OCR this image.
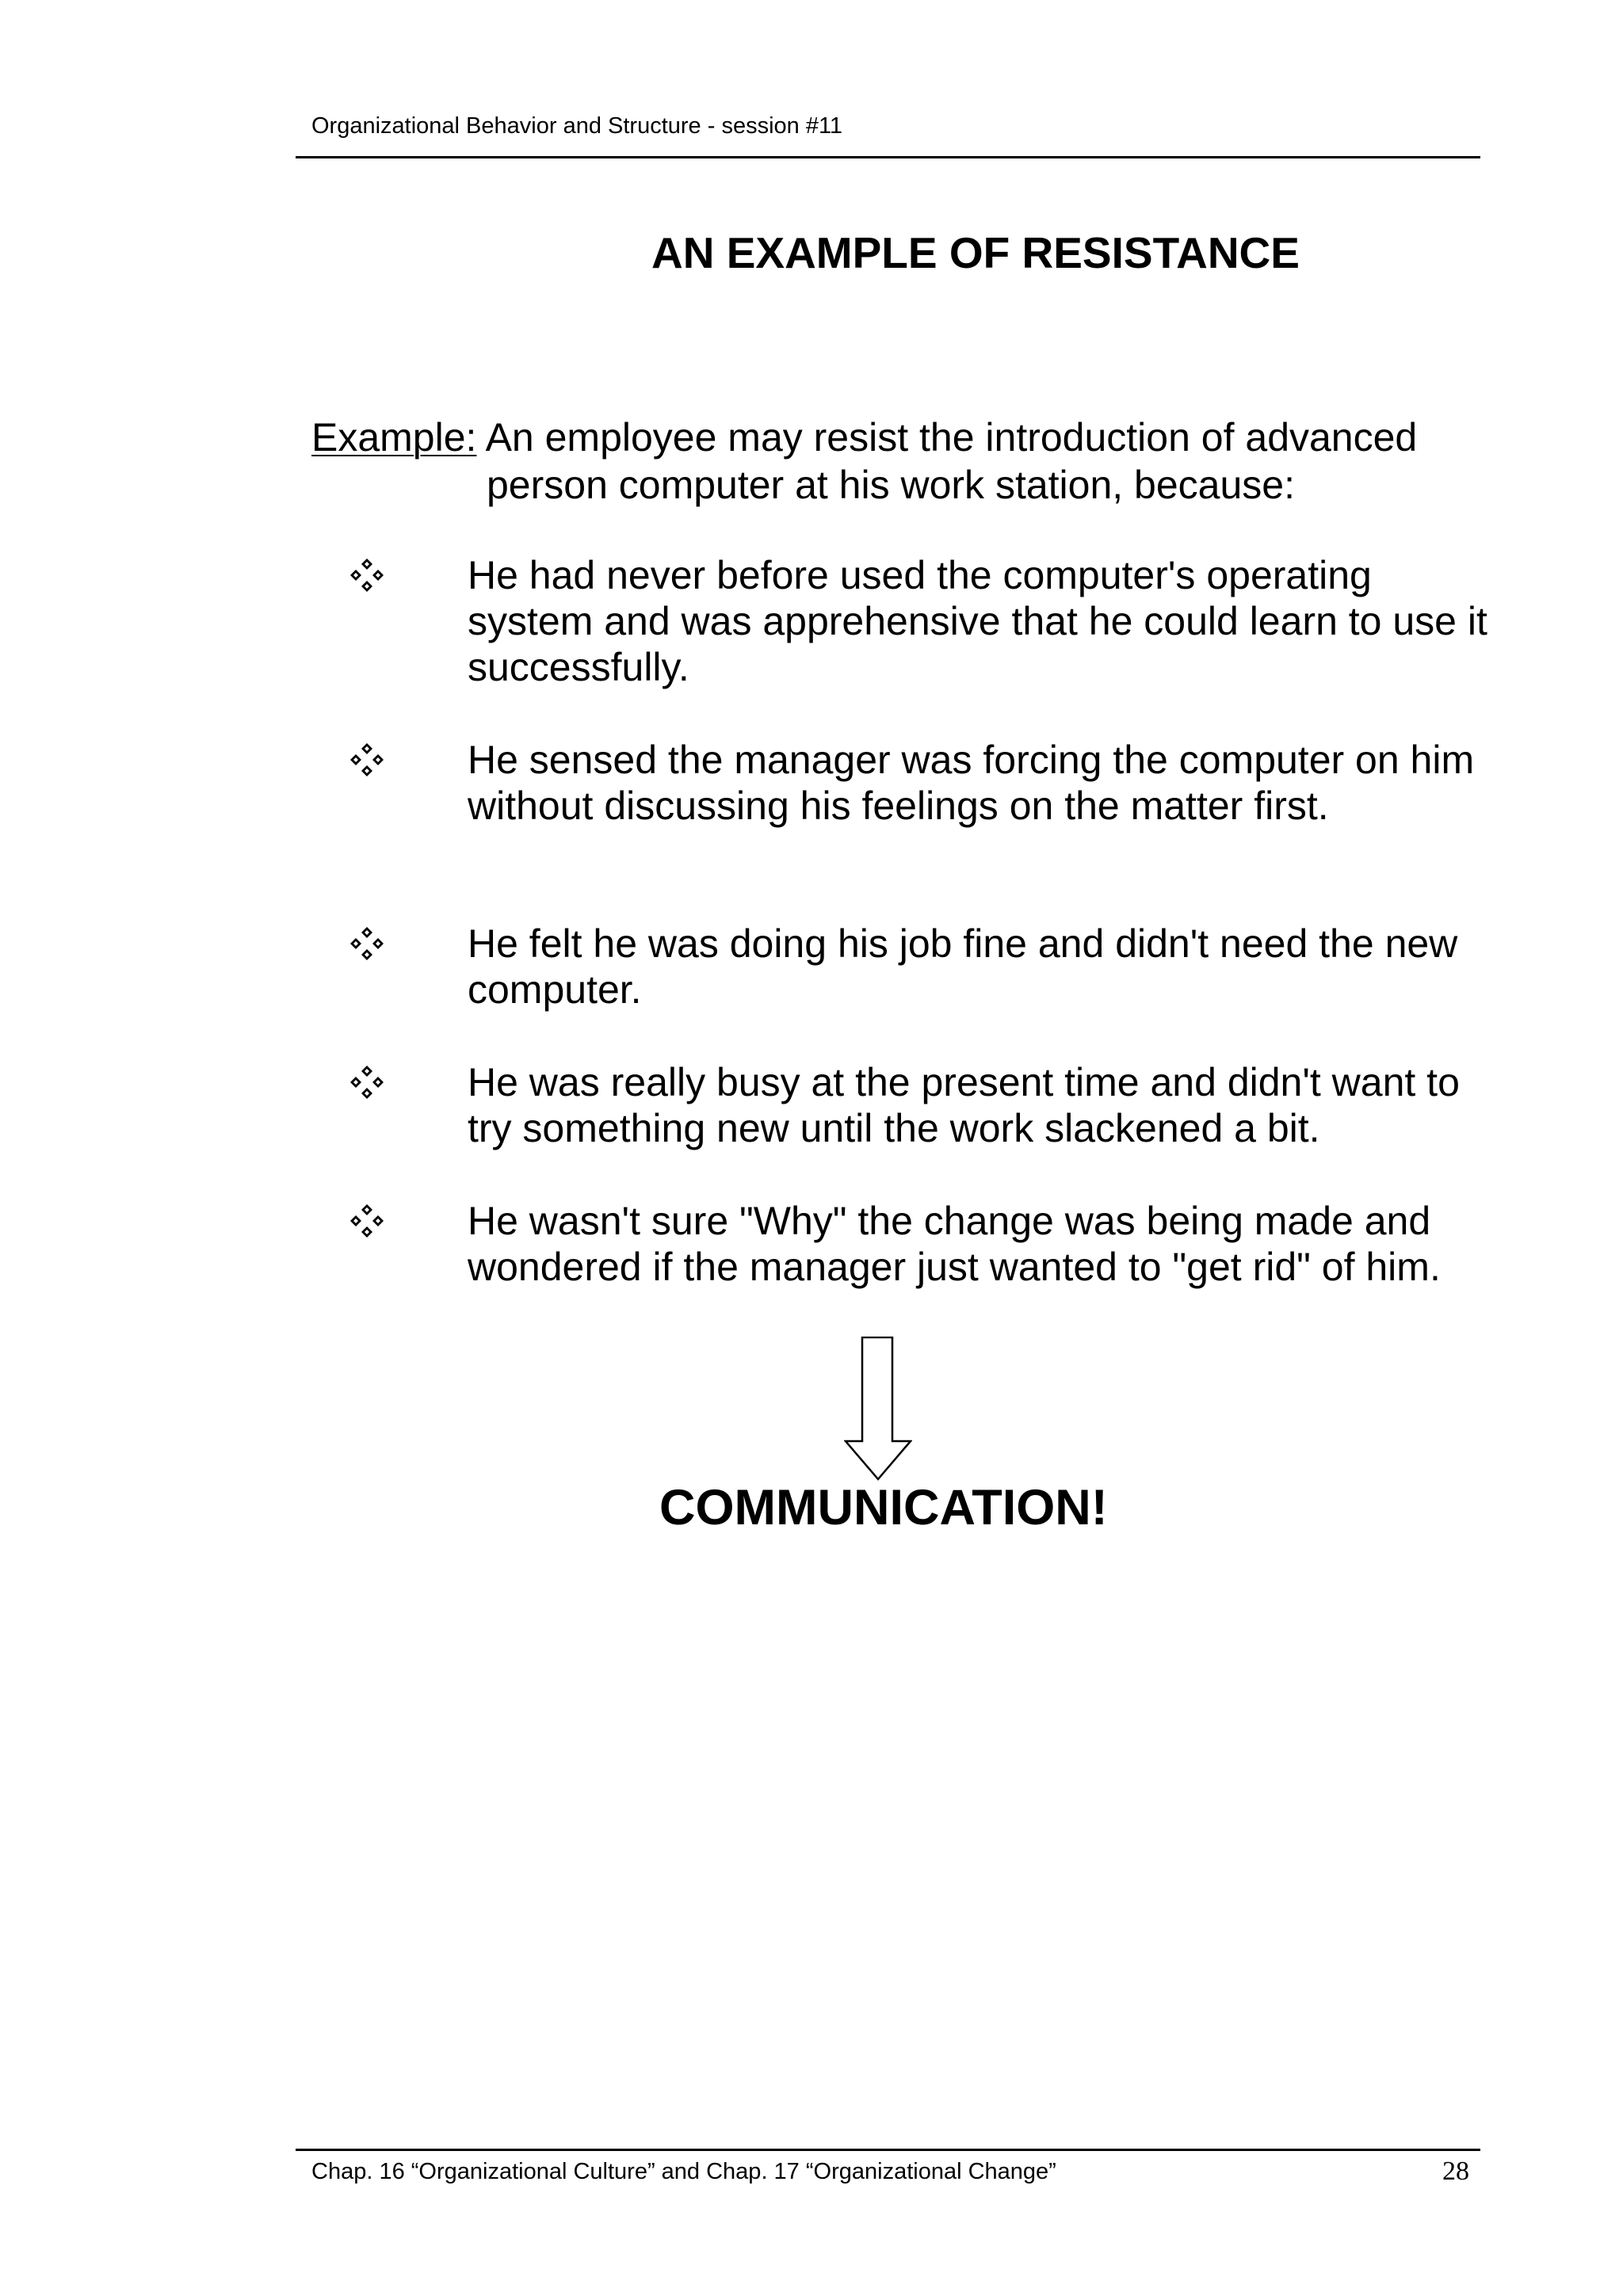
Organizational Behavior and Structure - session #11
AN EXAMPLE OF RESISTANCE
Example: An employee may resist the introduction of advanced
person computer at his work station, because:
He had never before used the computer's operating system and was apprehensive that he could learn to use it successfully.
He sensed the manager was forcing the computer on him without discussing his feelings on the matter first.
He felt he was doing his job fine and didn't need the new computer.
He was really busy at the present time and didn't want to try something new until the work slackened a bit.
He wasn't sure "Why" the change was being made and wondered if the manager just wanted to "get rid" of him.
COMMUNICATION!
Chap. 16 “Organizational Culture” and Chap. 17 “Organizational Change”	28
